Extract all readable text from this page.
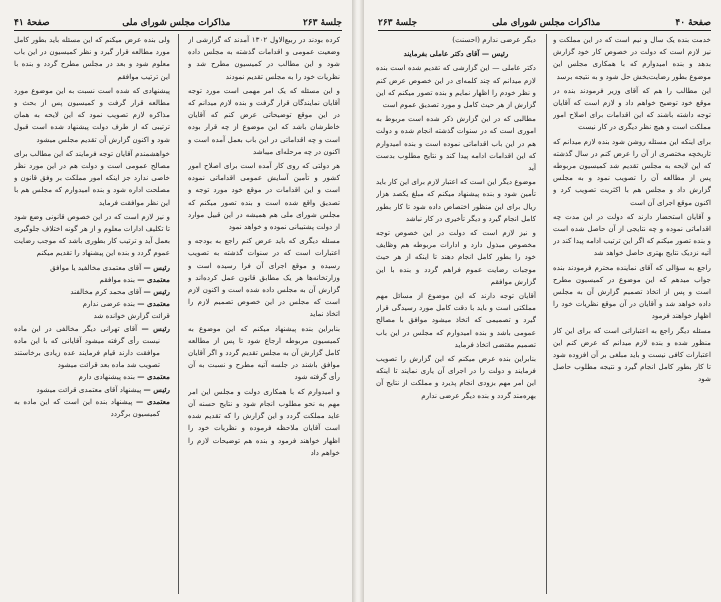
جلسهٔ ۲۶۳
مذاکرات مجلس شورای ملی
صفحهٔ ۴۱

کرده بودند در ربیع‌الاول ۱۳۰۲ آمدند که گزارشی از وضعیت عمومی و اقدامات گذشته به مجلس داده شود و این مطالب در کمیسیون مطرح شد و نظریات خود را به مجلس تقدیم نمودند

و این مسئله که یک امر مهمی است مورد توجه آقایان نمایندگان قرار گرفت و بنده لازم میدانم که در این موقع توضیحاتی عرض کنم که آقایان خاطرشان باشد که این موضوع از چه قرار بوده است و چه اقداماتی در این باب بعمل آمده است و اکنون در چه مرحله‌ای میباشد

هر دولتی که روی کار آمده است برای اصلاح امور کشور و تأمین آسایش عمومی اقداماتی نموده است و این اقدامات در موقع خود مورد توجه و تصدیق واقع شده است و بنده تصور میکنم که مجلس شورای ملی هم همیشه در این قبیل موارد از دولت پشتیبانی نموده و خواهد نمود

مسئله دیگری که باید عرض کنم راجع به بودجه و اعتبارات است که در سنوات گذشته به تصویب رسیده و موقع اجرای آن فرا رسیده است و وزارتخانه‌ها هر یک مطابق قانون عمل کرده‌اند و گزارش آن به مجلس داده شده است و اکنون لازم است که مجلس در این خصوص تصمیم لازم را اتخاذ نماید

بنابراین بنده پیشنهاد میکنم که این موضوع به کمیسیون مربوطه ارجاع شود تا پس از مطالعه کامل گزارش آن به مجلس تقدیم گردد و اگر آقایان موافق باشند در جلسه آتیه مطرح و نسبت به آن رأی گرفته شود

و امیدوارم که با همکاری دولت و مجلس این امر مهم به نحو مطلوب انجام شود و نتایج حسنه آن عاید مملکت گردد و این گزارش را که تقدیم شده است آقایان ملاحظه فرموده و نظریات خود را اظهار خواهند فرمود و بنده هم توضیحات لازم را خواهم داد

ولی بنده عرض میکنم که این مسئله باید بطور کامل مورد مطالعه قرار گیرد و نظر کمیسیون در این باب معلوم شود و بعد در مجلس مطرح گردد و بنده با این ترتیب موافقم

پیشنهادی که شده است نسبت به این موضوع مورد مطالعه قرار گرفت و کمیسیون پس از بحث و مذاکره لازم تصویب نمود که این لایحه به همان ترتیبی که از طرف دولت پیشنهاد شده است قبول شود و اکنون گزارش آن تقدیم مجلس میشود

خواهشمندم آقایان توجه فرمایند که این مطالب برای مصالح عمومی است و دولت هم در این مورد نظر خاصی ندارد جز اینکه امور مملکت بر وفق قانون و مصلحت اداره شود و بنده امیدوارم که مجلس هم با این نظر موافقت فرماید

و نیز لازم است که در این خصوص قانونی وضع شود تا تکلیف ادارات معلوم و از هر گونه اختلاف جلوگیری بعمل آید و ترتیب کار بطوری باشد که موجب رضایت عموم گردد و بنده این پیشنهاد را تقدیم میکنم

رئیس — آقای معتمدی مخالفید یا موافق
معتمدی — بنده موافقم
رئیس — آقای محمد کرم مخالفند
معتمدی — بنده عرضی ندارم
قرائت گزارش خوانده شد
رئیس — آقای تهرانی دیگر مخالفی در این ماده نیست رأی گرفته میشود آقایانی که با این ماده موافقت دارند قیام فرمایند عده زیادی برخاستند تصویب شد ماده بعد قرائت میشود
معتمدی — بنده پیشنهادی دارم
رئیس — پیشنهاد آقای معتمدی قرائت میشود
معتمدی — پیشنهاد بنده این است که این ماده به کمیسیون برگردد
صفحهٔ ۴۰
مذاکرات مجلس شورای ملی
جلسهٔ ۲۶۳

خدمت بنده یک سال و نیم است که در این مملکت و نیز لازم است که دولت در خصوص کار خود گزارش بدهد و بنده امیدوارم که با همکاری مجلس این موضوع بطور رضایت‌بخش حل شود و به نتیجه برسد

این مطالب را هم که آقای وزیر فرمودند بنده در موقع خود توضیح خواهم داد و لازم است که آقایان توجه داشته باشند که این اقدامات برای اصلاح امور مملکت است و هیچ نظر دیگری در کار نیست

برای اینکه این مسئله روشن شود بنده لازم میدانم که تاریخچه مختصری از آن را عرض کنم در سال گذشته که این لایحه به مجلس تقدیم شد کمیسیون مربوطه پس از مطالعه آن را تصویب نمود و به مجلس گزارش داد و مجلس هم با اکثریت تصویب کرد و اکنون موقع اجرای آن است

و آقایان استحضار دارند که دولت در این مدت چه اقداماتی نموده و چه نتایجی از آن حاصل شده است و بنده تصور میکنم که اگر این ترتیب ادامه پیدا کند در آتیه نزدیک نتایج بهتری حاصل خواهد شد

راجع به سؤالی که آقای نماینده محترم فرمودند بنده جواب میدهم که این موضوع در کمیسیون مطرح است و پس از اتخاذ تصمیم گزارش آن به مجلس داده خواهد شد و آقایان در آن موقع نظریات خود را اظهار خواهند فرمود

مسئله دیگر راجع به اعتباراتی است که برای این کار منظور شده و بنده لازم میدانم که عرض کنم این اعتبارات کافی نیست و باید مبلغی بر آن افزوده شود تا کار بطور کامل انجام گیرد و نتیجه مطلوب حاصل شود

دیگر عرضی ندارم (احسنت)

رئیس — آقای دکتر عاملی بفرمایند

دکتر عاملی — این گزارشی که تقدیم شده است بنده لازم میدانم که چند کلمه‌ای در این خصوص عرض کنم و نظر خودم را اظهار نمایم و بنده تصور میکنم که این گزارش از هر حیث کامل و مورد تصدیق عموم است

مطالبی که در این گزارش ذکر شده است مربوط به اموری است که در سنوات گذشته انجام شده و دولت هم در این باب اقداماتی نموده است و بنده امیدوارم که این اقدامات ادامه پیدا کند و نتایج مطلوب بدست آید

موضوع دیگر این است که اعتبار لازم برای این کار باید تأمین شود و بنده پیشنهاد میکنم که مبلغ یکصد هزار ریال برای این منظور اختصاص داده شود تا کار بطور کامل انجام گیرد و دیگر تأخیری در کار نباشد

و نیز لازم است که دولت در این خصوص توجه مخصوص مبذول دارد و ادارات مربوطه هم وظایف خود را بطور کامل انجام دهند تا اینکه از هر حیث موجبات رضایت عموم فراهم گردد و بنده با این گزارش موافقم

آقایان توجه دارند که این موضوع از مسائل مهم مملکتی است و باید با دقت کامل مورد رسیدگی قرار گیرد و تصمیمی که اتخاذ میشود موافق با مصالح عمومی باشد و بنده امیدوارم که مجلس در این باب تصمیم مقتضی اتخاذ فرماید

بنابراین بنده عرض میکنم که این گزارش را تصویب فرمایند و دولت را در اجرای آن یاری نمایند تا اینکه این امر مهم بزودی انجام پذیرد و مملکت از نتایج آن بهره‌مند گردد و بنده دیگر عرضی ندارم
